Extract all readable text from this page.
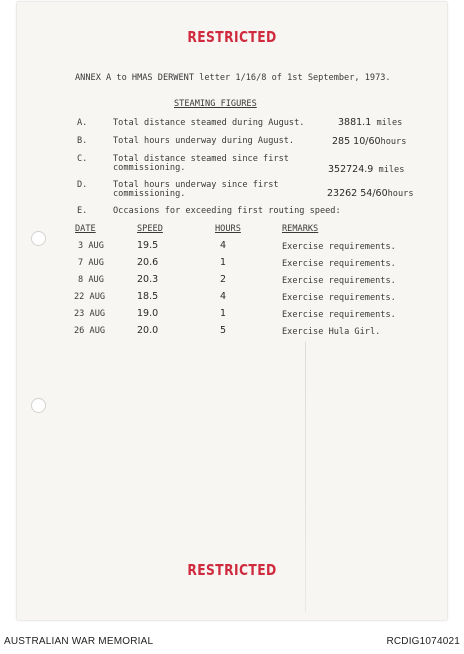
RESTRICTED
ANNEX A to HMAS DERWENT letter 1/16/8 of 1st September, 1973.
STEAMING FIGURES
A.	Total distance steamed during August.	3881.1 miles
B.	Total hours underway during August.	285 10/60hours
C.	Total distance steamed since first
commissioning.	352724.9 miles
D.	Total hours underway since first
commissioning.	23262 54/60hours
E.	Occasions for exceeding first routing speed:
DATE	SPEED	HOURS	REMARKS
3 AUG	19.5	4	Exercise requirements.
7 AUG	20.6	1	Exercise requirements.
8 AUG	20.3	2	Exercise requirements.
22 AUG	18.5	4	Exercise requirements.
23 AUG	19.0	1	Exercise requirements.
26 AUG	20.0	5	Exercise Hula Girl.
RESTRICTED
AUSTRALIAN WAR MEMORIAL	RCDIG1074021
